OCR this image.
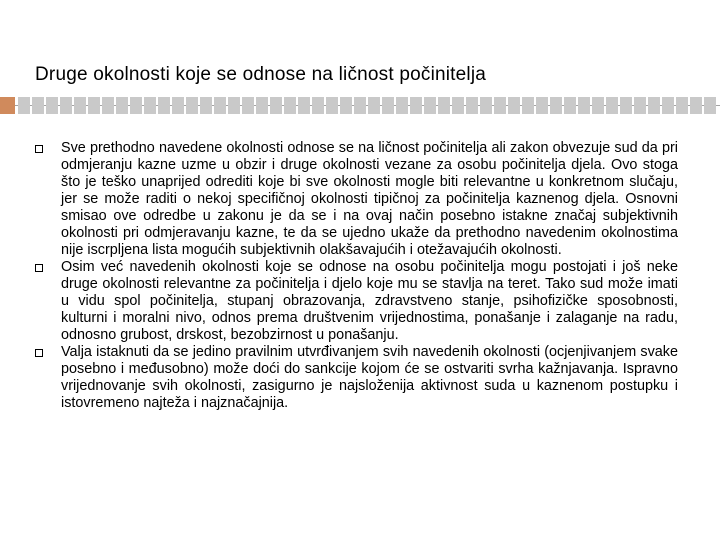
Druge okolnosti koje se odnose na ličnost počinitelja

Sve prethodno navedene okolnosti odnose se na ličnost počinitelja ali zakon obvezuje sud da pri odmjeranju kazne uzme u obzir i druge okolnosti vezane za osobu počinitelja djela. Ovo stoga što je teško unaprijed odrediti koje bi sve okolnosti mogle biti relevantne u konkretnom slučaju, jer se može raditi o nekoj specifičnoj okolnosti tipičnoj za počinitelja kaznenog djela. Osnovni smisao ove odredbe u zakonu je da se i na ovaj način posebno istakne značaj subjektivnih okolnosti pri odmjeravanju kazne, te da se ujedno ukaže da prethodno navedenim okolnostima nije iscrpljena lista mogućih subjektivnih olakšavajućih i otežavajućih okolnosti.

Osim već navedenih okolnosti koje se odnose na osobu počinitelja mogu postojati i još neke druge okolnosti relevantne za počinitelja i djelo koje mu se stavlja na teret. Tako sud može imati u vidu spol počinitelja, stupanj obrazovanja, zdravstveno stanje, psihofizičke sposobnosti, kulturni i moralni nivo, odnos prema društvenim vrijednostima, ponašanje i zalaganje na radu, odnosno grubost, drskost, bezobzirnost u ponašanju.

Valja istaknuti da se jedino pravilnim utvrđivanjem svih navedenih okolnosti (ocjenjivanjem svake posebno i međusobno) može doći do sankcije kojom će se ostvariti svrha kažnjavanja. Ispravno vrijednovanje svih okolnosti, zasigurno je najsloženija aktivnost suda u kaznenom postupku i istovremeno najteža i najznačajnija.
